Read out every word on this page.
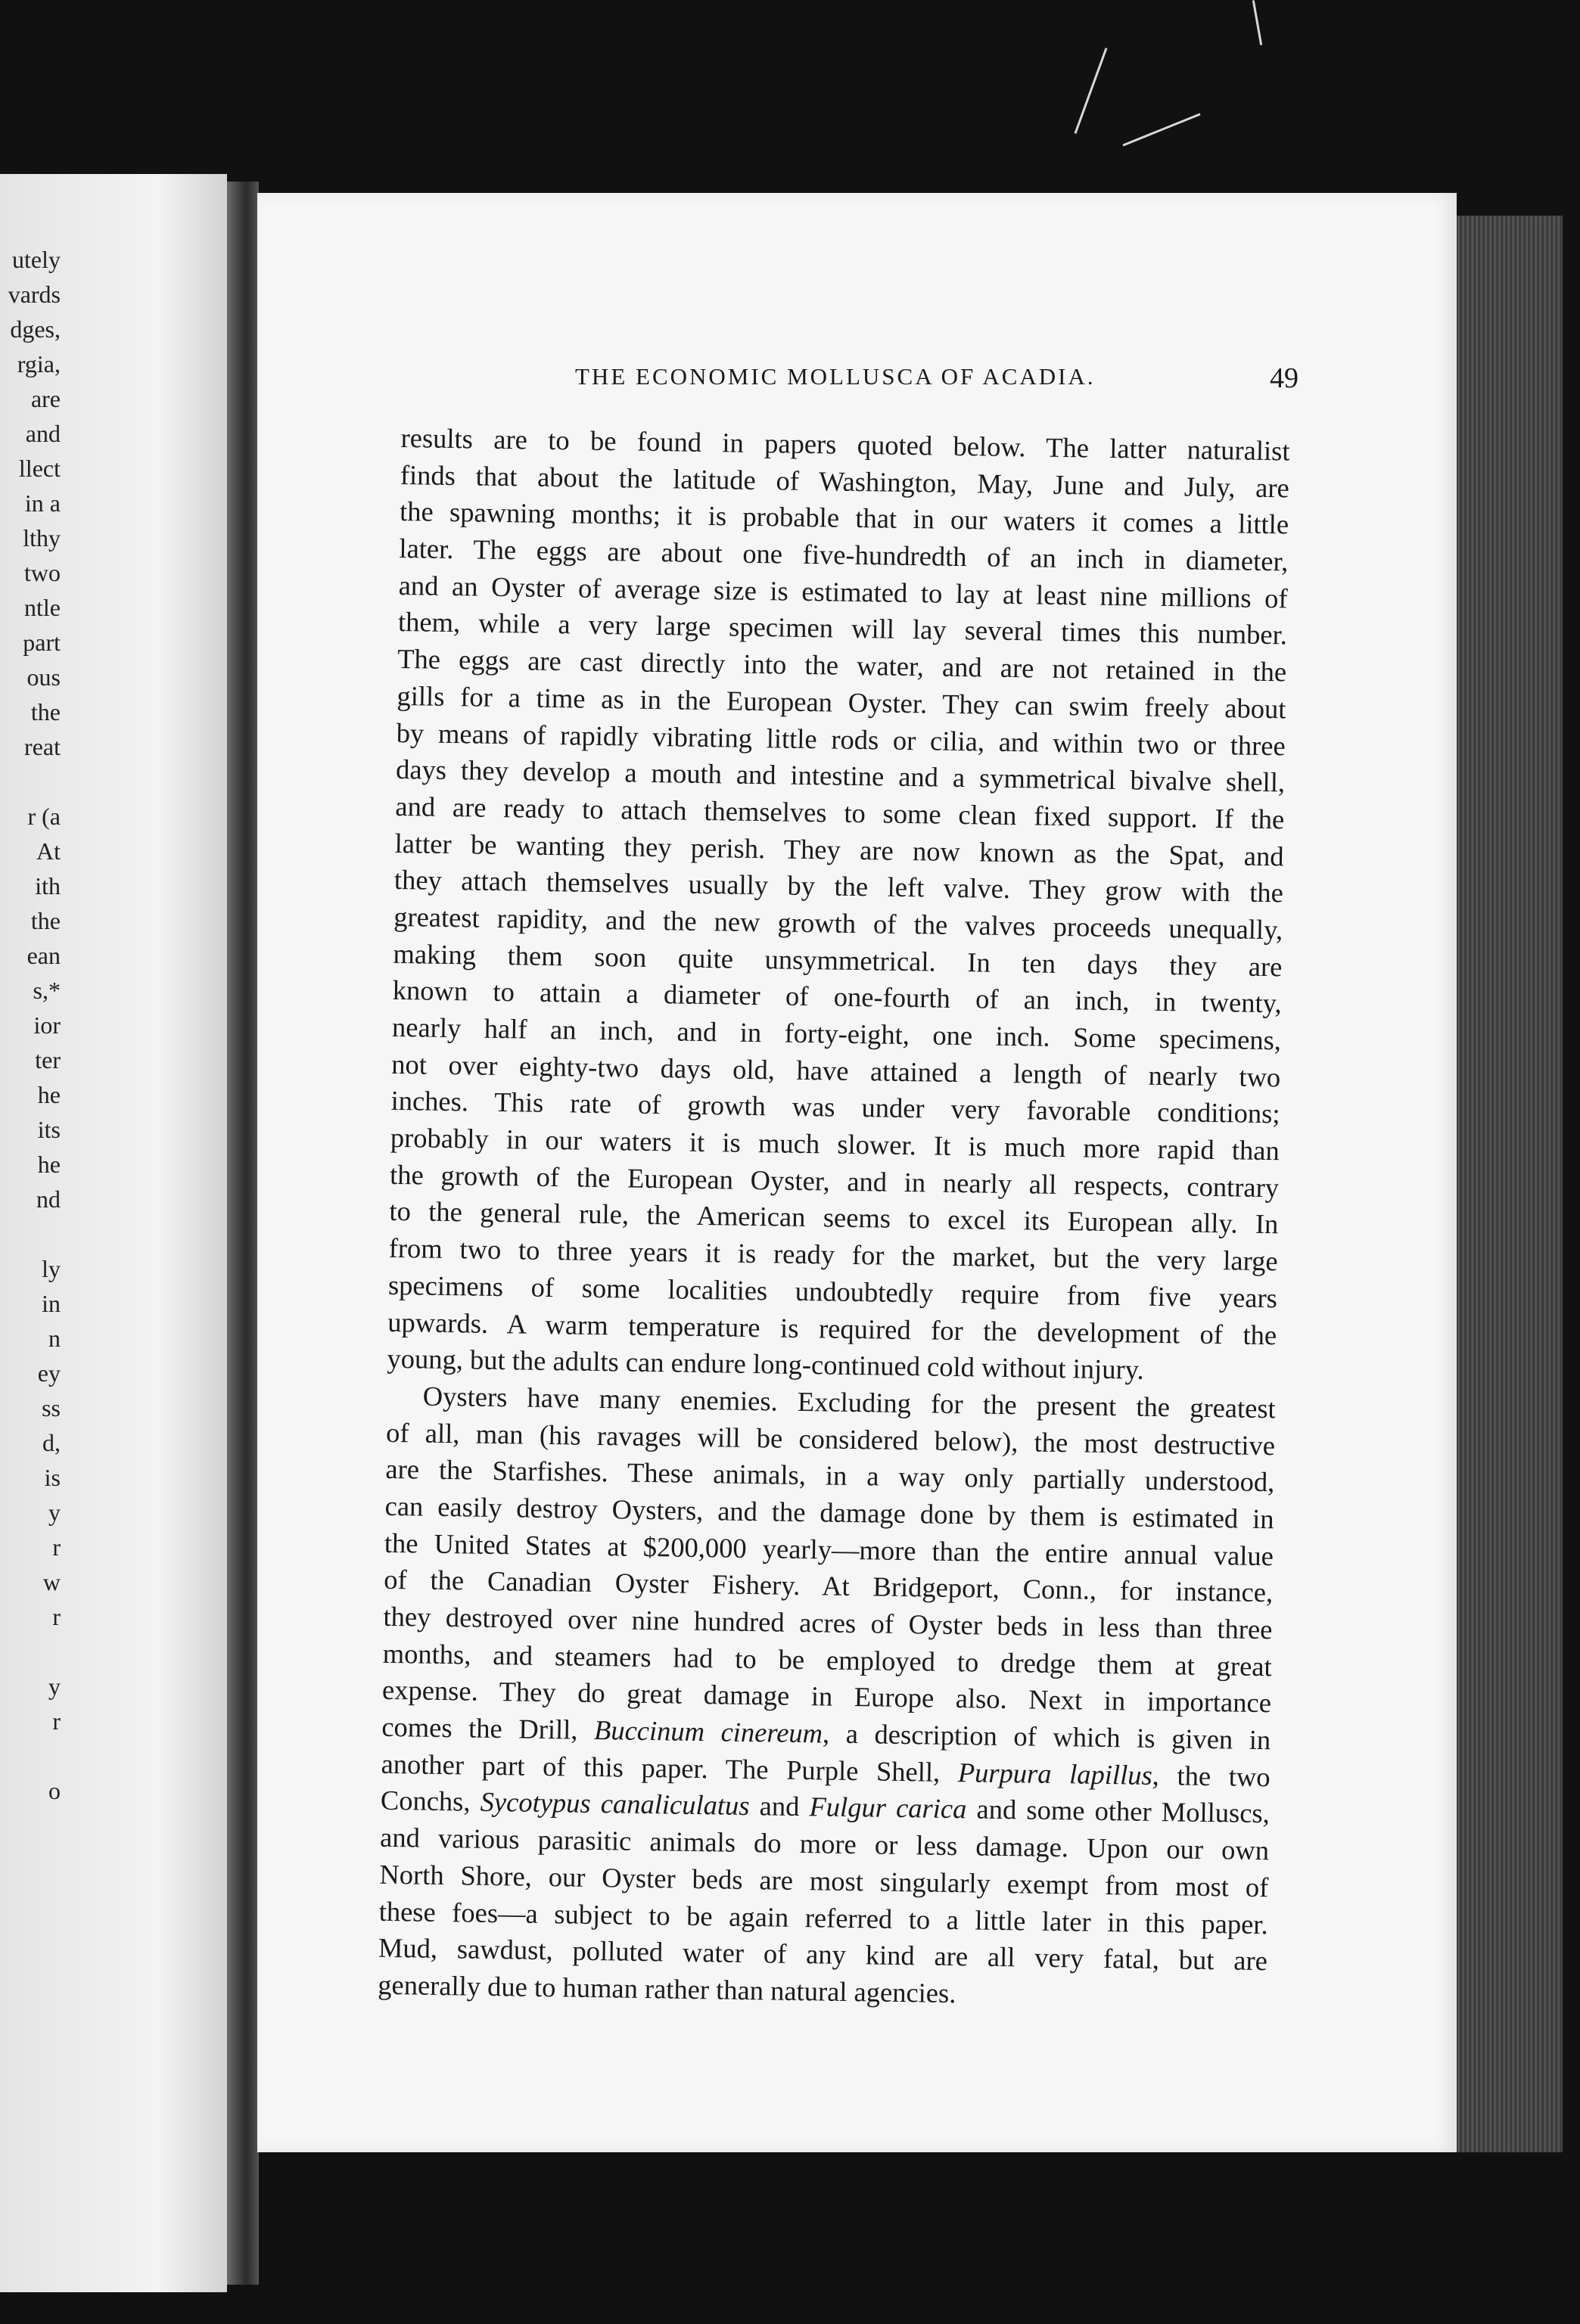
utely
vards
dges,
rgia,
are
and
llect
in a
lthy
two
ntle
part
ous
the
reat
r (a
At
ith
the
ean
s,*
ior
ter
he
its
he
nd
ly
in
n
ey
ss
d,
is
y
r
w
r
y
r
o
THE ECONOMIC MOLLUSCA OF ACADIA.	49
results are to be found in papers quoted below. The latter naturalist
finds that about the latitude of Washington, May, June and July, are
the spawning months; it is probable that in our waters it comes a little
later. The eggs are about one five-hundredth of an inch in diameter,
and an Oyster of average size is estimated to lay at least nine millions of
them, while a very large specimen will lay several times this number.
The eggs are cast directly into the water, and are not retained in the
gills for a time as in the European Oyster. They can swim freely about
by means of rapidly vibrating little rods or cilia, and within two or three
days they develop a mouth and intestine and a symmetrical bivalve shell,
and are ready to attach themselves to some clean fixed support. If the
latter be wanting they perish. They are now known as the Spat, and
they attach themselves usually by the left valve. They grow with the
greatest rapidity, and the new growth of the valves proceeds unequally,
making them soon quite unsymmetrical. In ten days they are
known to attain a diameter of one-fourth of an inch, in twenty,
nearly half an inch, and in forty-eight, one inch. Some specimens,
not over eighty-two days old, have attained a length of nearly two
inches. This rate of growth was under very favorable conditions;
probably in our waters it is much slower. It is much more rapid than
the growth of the European Oyster, and in nearly all respects, contrary
to the general rule, the American seems to excel its European ally. In
from two to three years it is ready for the market, but the very large
specimens of some localities undoubtedly require from five years
upwards. A warm temperature is required for the development of the
young, but the adults can endure long-continued cold without injury.
Oysters have many enemies. Excluding for the present the greatest
of all, man (his ravages will be considered below), the most destructive
are the Starfishes. These animals, in a way only partially understood,
can easily destroy Oysters, and the damage done by them is estimated in
the United States at $200,000 yearly—more than the entire annual value
of the Canadian Oyster Fishery. At Bridgeport, Conn., for instance,
they destroyed over nine hundred acres of Oyster beds in less than three
months, and steamers had to be employed to dredge them at great
expense. They do great damage in Europe also. Next in importance
comes the Drill, Buccinum cinereum, a description of which is given in
another part of this paper. The Purple Shell, Purpura lapillus, the two
Conchs, Sycotypus canaliculatus and Fulgur carica and some other Molluscs,
and various parasitic animals do more or less damage. Upon our own
North Shore, our Oyster beds are most singularly exempt from most of
these foes—a subject to be again referred to a little later in this paper.
Mud, sawdust, polluted water of any kind are all very fatal, but are
generally due to human rather than natural agencies.
